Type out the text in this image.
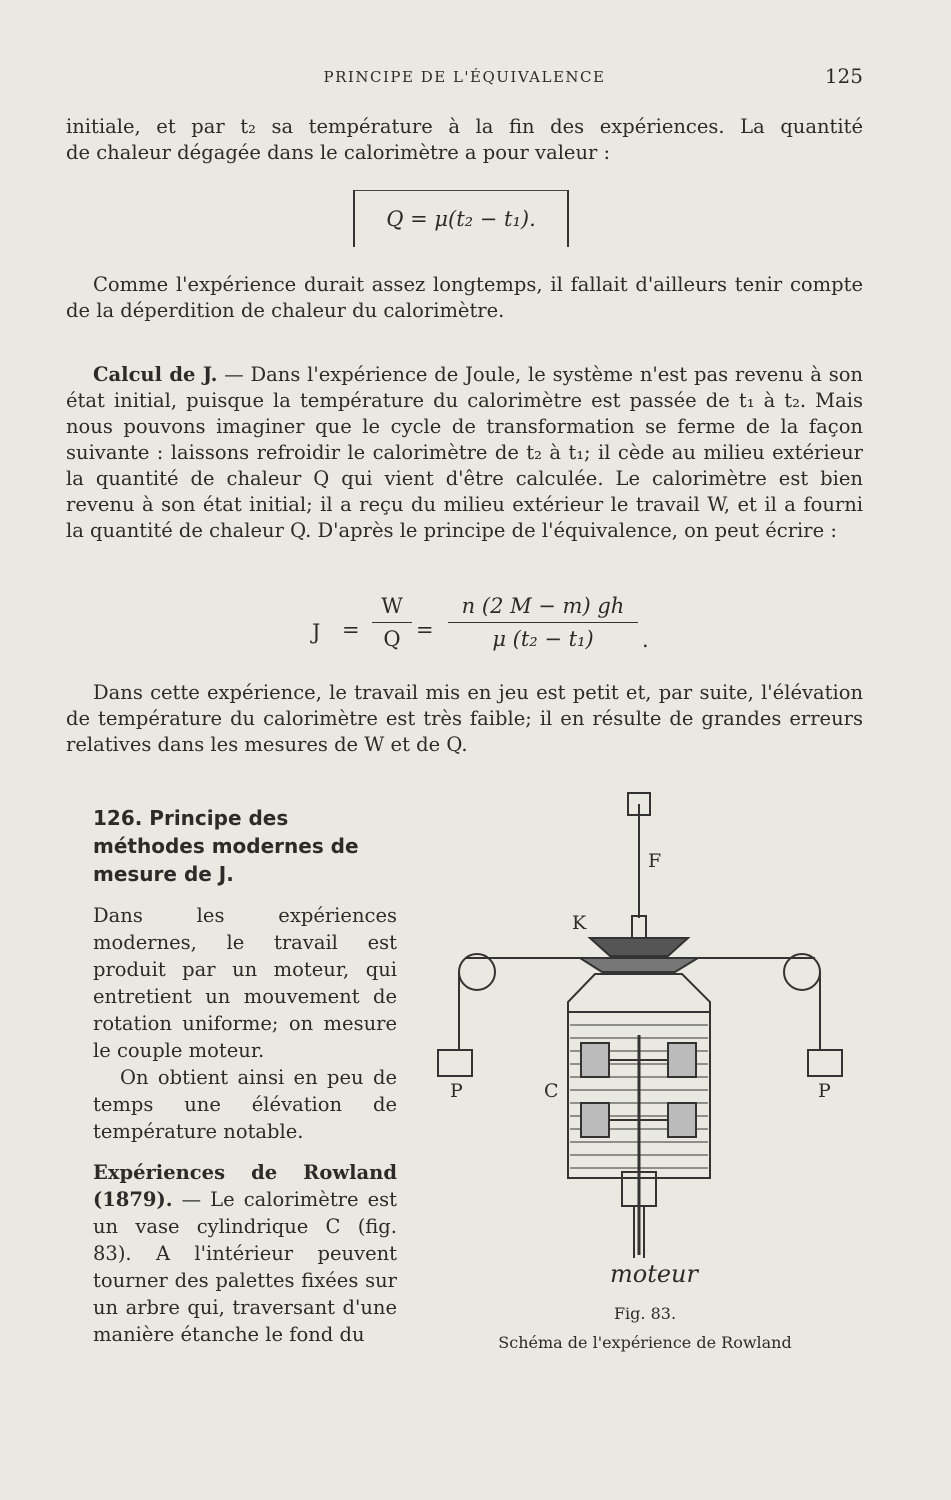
PRINCIPE DE L'ÉQUIVALENCE	125

initiale, et par t₂ sa température à la fin des expériences. La quantité

de chaleur dégagée dans le calorimètre a pour valeur :

Q = μ(t₂ − t₁).

Comme l'expérience durait assez longtemps, il fallait d'ailleurs tenir compte de la déperdition de chaleur du calorimètre.

Calcul de J. — Dans l'expérience de Joule, le système n'est pas revenu à son état initial, puisque la température du calorimètre est passée de t₁ à t₂. Mais nous pouvons imaginer que le cycle de transformation se ferme de la façon suivante : laissons refroidir le calorimètre de t₂ à t₁; il cède au milieu extérieur la quantité de chaleur Q qui vient d'être calculée. Le calorimètre est bien revenu à son état initial; il a reçu du milieu extérieur le travail W, et il a fourni la quantité de chaleur Q. D'après le principe de l'équivalence, on peut écrire :

$J = \frac{W}{Q} = \frac{n (2 M - m) gh}{\text{μ (t₂ − t₁)}}$ .

Dans cette expérience, le travail mis en jeu est petit et, par suite, l'élévation de température du calorimètre est très faible; il en résulte de grandes erreurs relatives dans les mesures de W et de Q.

126. Principe des méthodes modernes de mesure de J.

Dans les expériences modernes, le travail est produit par un moteur, qui entretient un mouvement de rotation uniforme; on mesure le couple moteur.

On obtient ainsi en peu de temps une élévation de température notable.

Expériences de Rowland (1879). — Le calorimètre est un vase cylindrique C (fig. 83). A l'intérieur peuvent tourner des palettes fixées sur un arbre qui, traversant d'une manière étanche le fond du

F
K
P	C	P
moteur
Fig. 83.
Schéma de l'expérience de Rowland
